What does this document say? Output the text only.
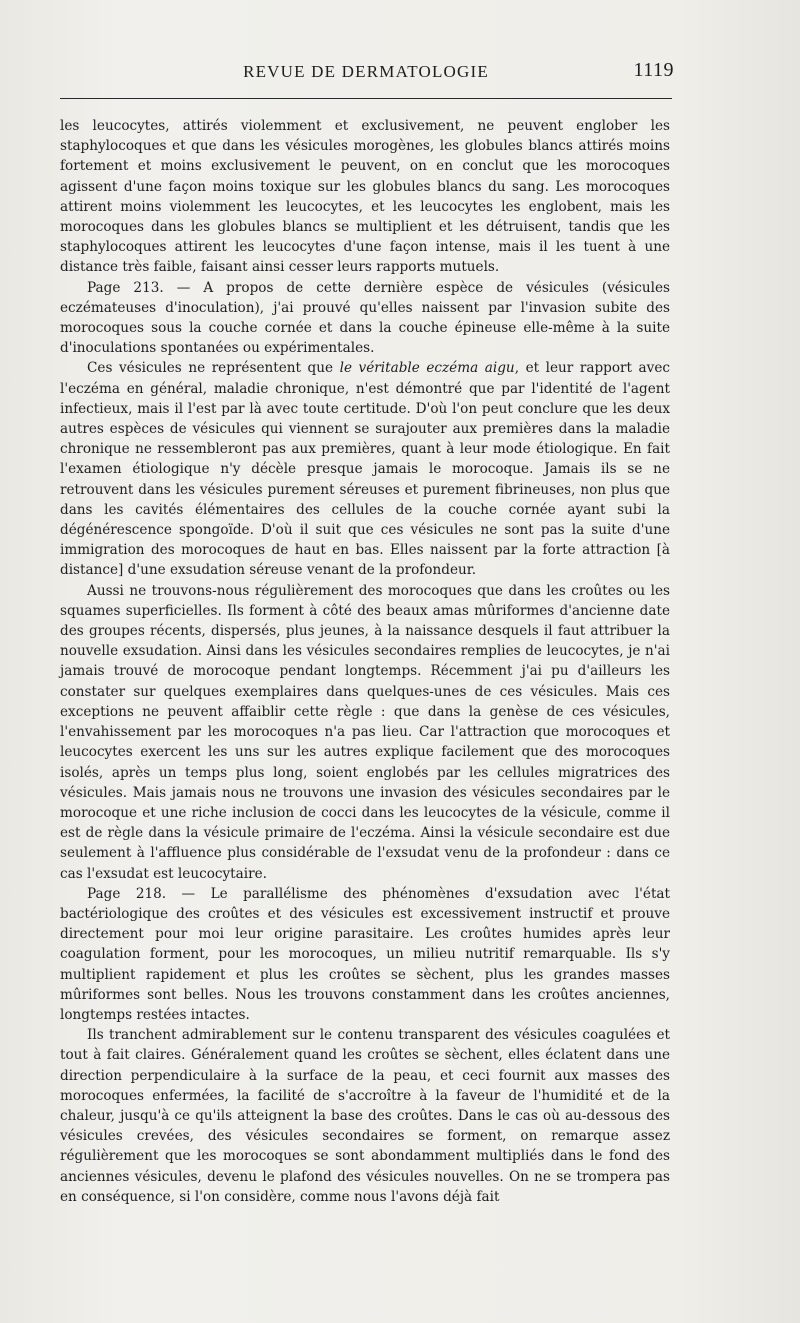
REVUE DE DERMATOLOGIE	1119

les leucocytes, attirés violemment et exclusivement, ne peuvent englober les staphylocoques et que dans les vésicules morogènes, les globules blancs attirés moins fortement et moins exclusivement le peuvent, on en conclut que les morocoques agissent d'une façon moins toxique sur les globules blancs du sang. Les morocoques attirent moins violemment les leucocytes, et les leucocytes les englobent, mais les morocoques dans les globules blancs se multiplient et les détruisent, tandis que les staphylocoques attirent les leucocytes d'une façon intense, mais il les tuent à une distance très faible, faisant ainsi cesser leurs rapports mutuels.

Page 213. — A propos de cette dernière espèce de vésicules (vésicules eczémateuses d'inoculation), j'ai prouvé qu'elles naissent par l'invasion subite des morocoques sous la couche cornée et dans la couche épineuse elle-même à la suite d'inoculations spontanées ou expérimentales.

Ces vésicules ne représentent que le véritable eczéma aigu, et leur rapport avec l'eczéma en général, maladie chronique, n'est démontré que par l'identité de l'agent infectieux, mais il l'est par là avec toute certitude. D'où l'on peut conclure que les deux autres espèces de vésicules qui viennent se surajouter aux premières dans la maladie chronique ne ressembleront pas aux premières, quant à leur mode étiologique. En fait l'examen étiologique n'y décèle presque jamais le morocoque. Jamais ils se ne retrouvent dans les vésicules purement séreuses et purement fibrineuses, non plus que dans les cavités élémentaires des cellules de la couche cornée ayant subi la dégénérescence spongoïde. D'où il suit que ces vésicules ne sont pas la suite d'une immigration des morocoques de haut en bas. Elles naissent par la forte attraction [à distance] d'une exsudation séreuse venant de la profondeur.

Aussi ne trouvons-nous régulièrement des morocoques que dans les croûtes ou les squames superficielles. Ils forment à côté des beaux amas mûriformes d'ancienne date des groupes récents, dispersés, plus jeunes, à la naissance desquels il faut attribuer la nouvelle exsudation. Ainsi dans les vésicules secondaires remplies de leucocytes, je n'ai jamais trouvé de morocoque pendant longtemps. Récemment j'ai pu d'ailleurs les constater sur quelques exemplaires dans quelques-unes de ces vésicules. Mais ces exceptions ne peuvent affaiblir cette règle : que dans la genèse de ces vésicules, l'envahissement par les morocoques n'a pas lieu. Car l'attraction que morocoques et leucocytes exercent les uns sur les autres explique facilement que des morocoques isolés, après un temps plus long, soient englobés par les cellules migratrices des vésicules. Mais jamais nous ne trouvons une invasion des vésicules secondaires par le morocoque et une riche inclusion de cocci dans les leucocytes de la vésicule, comme il est de règle dans la vésicule primaire de l'eczéma. Ainsi la vésicule secondaire est due seulement à l'affluence plus considérable de l'exsudat venu de la profondeur : dans ce cas l'exsudat est leucocytaire.

Page 218. — Le parallélisme des phénomènes d'exsudation avec l'état bactériologique des croûtes et des vésicules est excessivement instructif et prouve directement pour moi leur origine parasitaire. Les croûtes humides après leur coagulation forment, pour les morocoques, un milieu nutritif remarquable. Ils s'y multiplient rapidement et plus les croûtes se sèchent, plus les grandes masses mûriformes sont belles. Nous les trouvons constamment dans les croûtes anciennes, longtemps restées intactes.

Ils tranchent admirablement sur le contenu transparent des vésicules coagulées et tout à fait claires. Généralement quand les croûtes se sèchent, elles éclatent dans une direction perpendiculaire à la surface de la peau, et ceci fournit aux masses des morocoques enfermées, la facilité de s'accroître à la faveur de l'humidité et de la chaleur, jusqu'à ce qu'ils atteignent la base des croûtes. Dans le cas où au-dessous des vésicules crevées, des vésicules secondaires se forment, on remarque assez régulièrement que les morocoques se sont abondamment multipliés dans le fond des anciennes vésicules, devenu le plafond des vésicules nouvelles. On ne se trompera pas en conséquence, si l'on considère, comme nous l'avons déjà fait
